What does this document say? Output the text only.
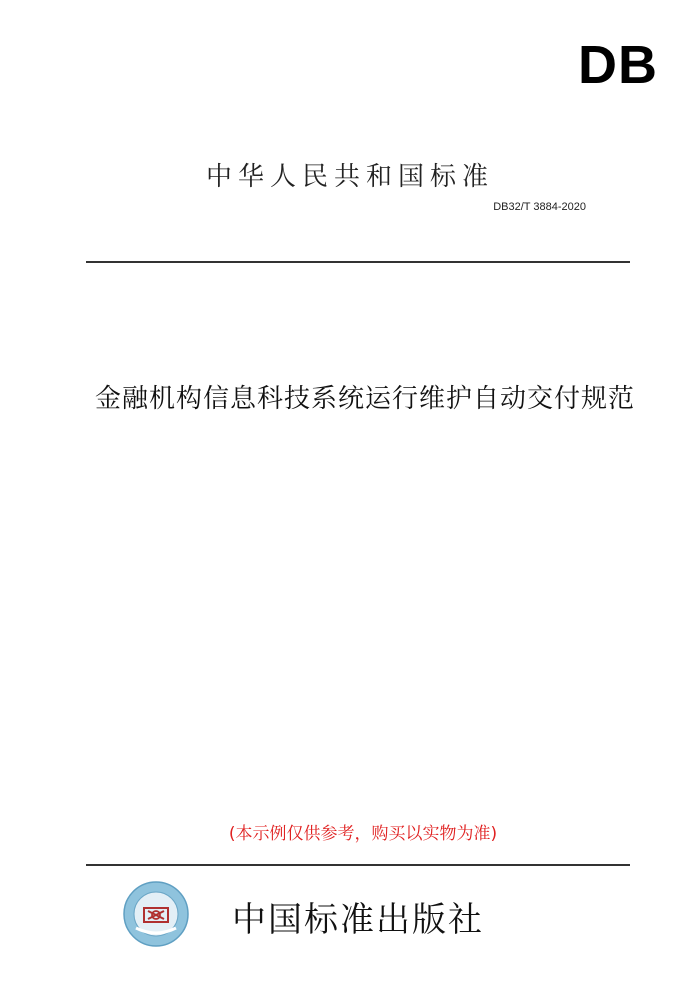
DB
中华人民共和国标准
DB32/T 3884-2020
金融机构信息科技系统运行维护自动交付规范
(本示例仅供参考，购买以实物为准)
中国标准出版社
